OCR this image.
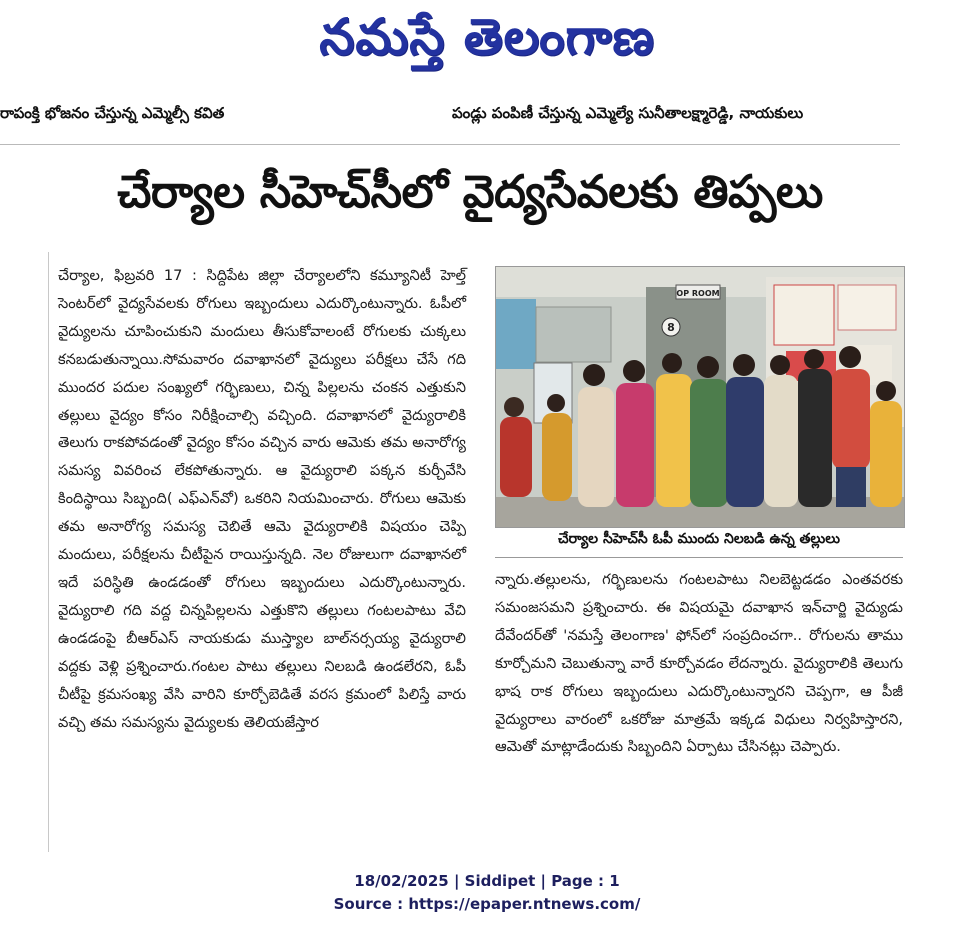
నమస్తే తెలంగాణ
రాపంక్తి భోజనం చేస్తున్న ఎమ్మెల్సీ కవిత	పండ్లు పంపిణీ చేస్తున్న ఎమ్మెల్యే సునీతాలక్ష్మారెడ్డి, నాయకులు
చేర్యాల సీహెచ్‌సీలో వైద్యసేవలకు తిప్పలు
చేర్యాల, ఫిబ్రవరి 17 : సిద్దిపేట జిల్లా చేర్యాలలోని కమ్యూనిటీ హెల్త్ సెంటర్‌లో వైద్యసేవలకు రోగులు ఇబ్బందులు ఎదుర్కొంటున్నారు. ఓపీలో వైద్యులను చూపించుకుని మందులు తీసుకోవాలంటే రోగులకు చుక్కలు కనబడుతున్నాయి.సోమవారం దవాఖానలో వైద్యులు పరీక్షలు చేసే గది ముందర పదుల సంఖ్యలో గర్భిణులు, చిన్న పిల్లలను చంకన ఎత్తుకుని తల్లులు వైద్యం కోసం నిరీక్షించాల్సి వచ్చింది. దవాఖానలో వైద్యురాలికి తెలుగు రాకపోవడంతో వైద్యం కోసం వచ్చిన వారు ఆమెకు తమ అనారోగ్య సమస్య వివరించ లేకపోతున్నారు. ఆ వైద్యురాలి పక్కన కుర్చీవేసి కిందిస్థాయి సిబ్బంది( ఎఫ్‌ఎన్‌వో) ఒకరిని నియమించారు. రోగులు ఆమెకు తమ అనారోగ్య సమస్య చెబితే ఆమె వైద్యురాలికి విషయం చెప్పి మందులు, పరీక్షలను చీటీపైన రాయిస్తున్నది. నెల రోజులుగా దవాఖానలో ఇదే పరిస్థితి ఉండడంతో రోగులు ఇబ్బందులు ఎదుర్కొంటున్నారు. వైద్యురాలి గది వద్ద చిన్నపిల్లలను ఎత్తుకొని తల్లులు గంటలపాటు వేచి ఉండడంపై బీఆర్‌ఎస్ నాయకుడు ముస్త్యాల బాల్‌నర్సయ్య వైద్యురాలి వద్దకు వెళ్లి ప్రశ్నించారు.గంటల పాటు తల్లులు నిలబడి ఉండలేరని, ఓపీ చీటీపై క్రమసంఖ్య వేసి వారిని కూర్చోబెడితే వరస క్రమంలో పిలిస్తే వారు వచ్చి తమ సమస్యను వైద్యులకు తెలియజేస్తార
OP ROOM
8
చేర్యాల సీహెచ్‌సీ ఓపీ ముందు నిలబడి ఉన్న తల్లులు
న్నారు.తల్లులను, గర్భిణులను గంటలపాటు నిలబెట్టడడం ఎంతవరకు సమంజసమని ప్రశ్నించారు. ఈ విషయమై దవాఖాన ఇన్‌చార్జి వైద్యుడు దేవేందర్‌తో 'నమస్తే తెలంగాణ' ఫోన్‌లో సంప్రదించగా.. రోగులను తాము కూర్చోమని చెబుతున్నా వారే కూర్చోవడం లేదన్నారు. వైద్యురాలికి తెలుగు భాష రాక రోగులు ఇబ్బందులు ఎదుర్కొంటున్నారని చెప్పగా, ఆ పీజీ వైద్యురాలు వారంలో ఒకరోజు మాత్రమే ఇక్కడ విధులు నిర్వహిస్తారని, ఆమెతో మాట్లాడేందుకు సిబ్బందిని ఏర్పాటు చేసినట్లు చెప్పారు.
18/02/2025 | Siddipet | Page : 1
Source : https://epaper.ntnews.com/
